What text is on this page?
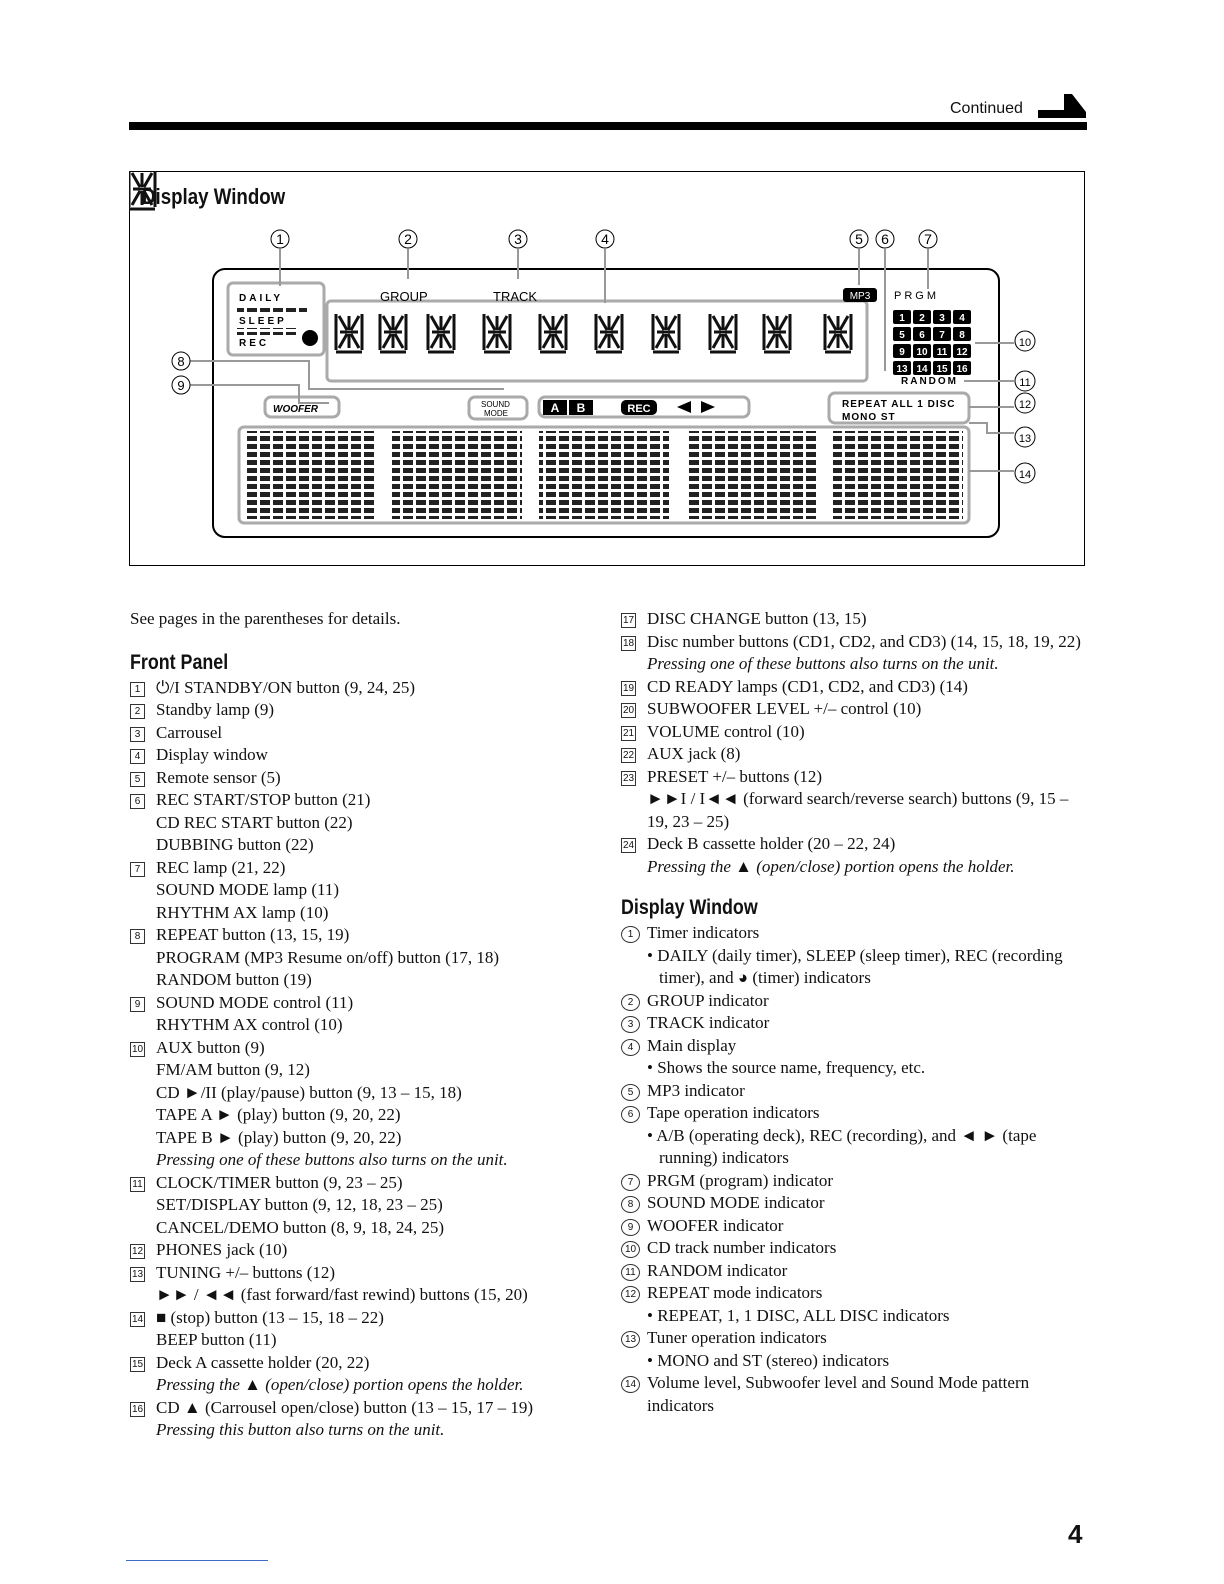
Continued
Display Window
1	2	3	4	5 6	7
DAILY
SLEEP
REC
GROUP	TRACK	MP3 PRGM
1 2 3 4
5 6 7 8
9 10 11 12
13 14 15 16
RANDOM
WOOFER	SOUND
MODE	A B	REC	REPEAT ALL 1 DISC
MONO ST
8
9
10
11
12
13
14
See pages in the parentheses for details.
Front Panel
1 ⏻/I STANDBY/ON button (9, 24, 25)
2 Standby lamp (9)
3 Carrousel
4 Display window
5 Remote sensor (5)
6 REC START/STOP button (21)
CD REC START button (22)
DUBBING button (22)
7 REC lamp (21, 22)
SOUND MODE lamp (11)
RHYTHM AX lamp (10)
8 REPEAT button (13, 15, 19)
PROGRAM (MP3 Resume on/off) button (17, 18)
RANDOM button (19)
9 SOUND MODE control (11)
RHYTHM AX control (10)
10 AUX button (9)
FM/AM button (9, 12)
CD ►/II (play/pause) button (9, 13 – 15, 18)
TAPE A ► (play) button (9, 20, 22)
TAPE B ► (play) button (9, 20, 22)
Pressing one of these buttons also turns on the unit.
11 CLOCK/TIMER button (9, 23 – 25)
SET/DISPLAY button (9, 12, 18, 23 – 25)
CANCEL/DEMO button (8, 9, 18, 24, 25)
12 PHONES jack (10)
13 TUNING +/– buttons (12)
►► / ◄◄ (fast forward/fast rewind) buttons (15, 20)
14 ■ (stop) button (13 – 15, 18 – 22)
BEEP button (11)
15 Deck A cassette holder (20, 22)
Pressing the ▲ (open/close) portion opens the holder.
16 CD ▲ (Carrousel open/close) button (13 – 15, 17 – 19)
Pressing this button also turns on the unit.
17 DISC CHANGE button (13, 15)
18 Disc number buttons (CD1, CD2, and CD3) (14, 15, 18, 19, 22)
Pressing one of these buttons also turns on the unit.
19 CD READY lamps (CD1, CD2, and CD3) (14)
20 SUBWOOFER LEVEL +/– control (10)
21 VOLUME control (10)
22 AUX jack (8)
23 PRESET +/– buttons (12)
►►I / I◄◄ (forward search/reverse search) buttons (9, 15 – 19, 23 – 25)
24 Deck B cassette holder (20 – 22, 24)
Pressing the ▲ (open/close) portion opens the holder.
Display Window
1 Timer indicators
• DAILY (daily timer), SLEEP (sleep timer), REC (recording timer), and ◕ (timer) indicators
2 GROUP indicator
3 TRACK indicator
4 Main display
• Shows the source name, frequency, etc.
5 MP3 indicator
6 Tape operation indicators
• A/B (operating deck), REC (recording), and ◄ ► (tape running) indicators
7 PRGM (program) indicator
8 SOUND MODE indicator
9 WOOFER indicator
10 CD track number indicators
11 RANDOM indicator
12 REPEAT mode indicators
• REPEAT, 1, 1 DISC, ALL DISC indicators
13 Tuner operation indicators
• MONO and ST (stereo) indicators
14 Volume level, Subwoofer level and Sound Mode pattern indicators
4
